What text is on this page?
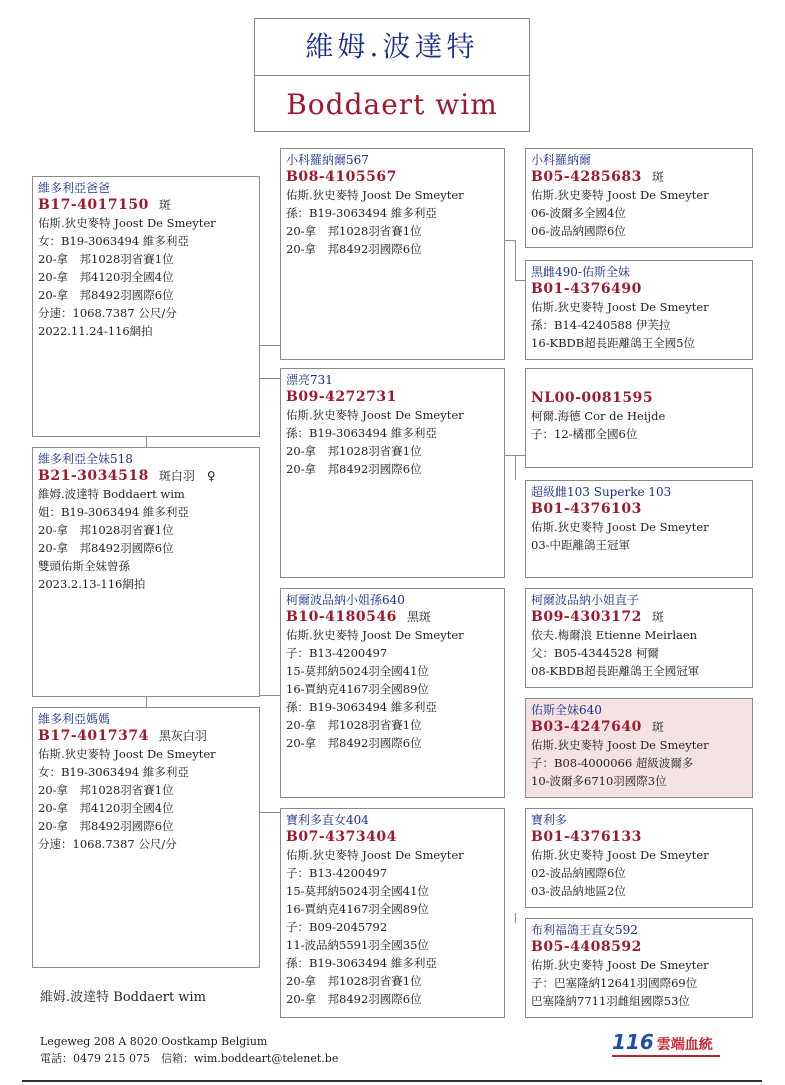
維姆.波達特
Boddaert wim
維多利亞爸爸
B17-4017150 斑
佑斯.狄史麥特 Joost De Smeyter
女：B19-3063494 維多利亞
20-拿　邦1028羽省賽1位
20-拿　邦4120羽全國4位
20-拿　邦8492羽國際6位
分速：1068.7387 公尺/分
2022.11.24-116網拍
維多利亞全妹518
B21-3034518 斑白羽　♀
維姆.波達特 Boddaert wim
姐：B19-3063494 維多利亞
20-拿　邦1028羽省賽1位
20-拿　邦8492羽國際6位
雙頭佑斯全妹曾孫
2023.2.13-116網拍
維多利亞媽媽
B17-4017374 黑灰白羽
佑斯.狄史麥特 Joost De Smeyter
女：B19-3063494 維多利亞
20-拿　邦1028羽省賽1位
20-拿　邦4120羽全國4位
20-拿　邦8492羽國際6位
分速：1068.7387 公尺/分
小科羅納爾567
B08-4105567
佑斯.狄史麥特 Joost De Smeyter
孫：B19-3063494 維多利亞
20-拿　邦1028羽省賽1位
20-拿　邦8492羽國際6位
漂亮731
B09-4272731
佑斯.狄史麥特 Joost De Smeyter
孫：B19-3063494 維多利亞
20-拿　邦1028羽省賽1位
20-拿　邦8492羽國際6位
柯爾波品納小姐孫640
B10-4180546 黑斑
佑斯.狄史麥特 Joost De Smeyter
子：B13-4200497
15-莫邦納5024羽全國41位
16-賈納克4167羽全國89位
孫：B19-3063494 維多利亞
20-拿　邦1028羽省賽1位
20-拿　邦8492羽國際6位
寶利多直女404
B07-4373404
佑斯.狄史麥特 Joost De Smeyter
子：B13-4200497
15-莫邦納5024羽全國41位
16-賈納克4167羽全國89位
子：B09-2045792
11-波品納5591羽全國35位
孫：B19-3063494 維多利亞
20-拿　邦1028羽省賽1位
20-拿　邦8492羽國際6位
小科羅納爾
B05-4285683 斑
佑斯.狄史麥特 Joost De Smeyter
06-波爾多全國4位
06-波品納國際6位
黑雌490-佑斯全妹
B01-4376490
佑斯.狄史麥特 Joost De Smeyter
孫：B14-4240588 伊芙拉
16-KBDB超長距離鴿王全國5位
NL00-0081595
柯爾.海德 Cor de Heijde
子：12-橘郡全國6位
超級雌103 Superke 103
B01-4376103
佑斯.狄史麥特 Joost De Smeyter
03-中距離鴿王冠軍
柯爾波品納小姐直子
B09-4303172 斑
依夫.梅爾浪 Etienne Meirlaen
父：B05-4344528 柯爾
08-KBDB超長距離鴿王全國冠軍
佑斯全妹640
B03-4247640 斑
佑斯.狄史麥特 Joost De Smeyter
子：B08-4000066 超級波爾多
10-波爾多6710羽國際3位
寶利多
B01-4376133
佑斯.狄史麥特 Joost De Smeyter
02-波品納國際6位
03-波品納地區2位
布利福鴿王直女592
B05-4408592
佑斯.狄史麥特 Joost De Smeyter
子：巴塞隆納12641羽國際69位
巴塞隆納7711羽雌組國際53位
維姆.波達特 Boddaert wim
Legeweg 208 A 8020 Oostkamp Belgium
電話：0479 215 075　信箱：wim.boddeart@telenet.be
116 雲端血統
